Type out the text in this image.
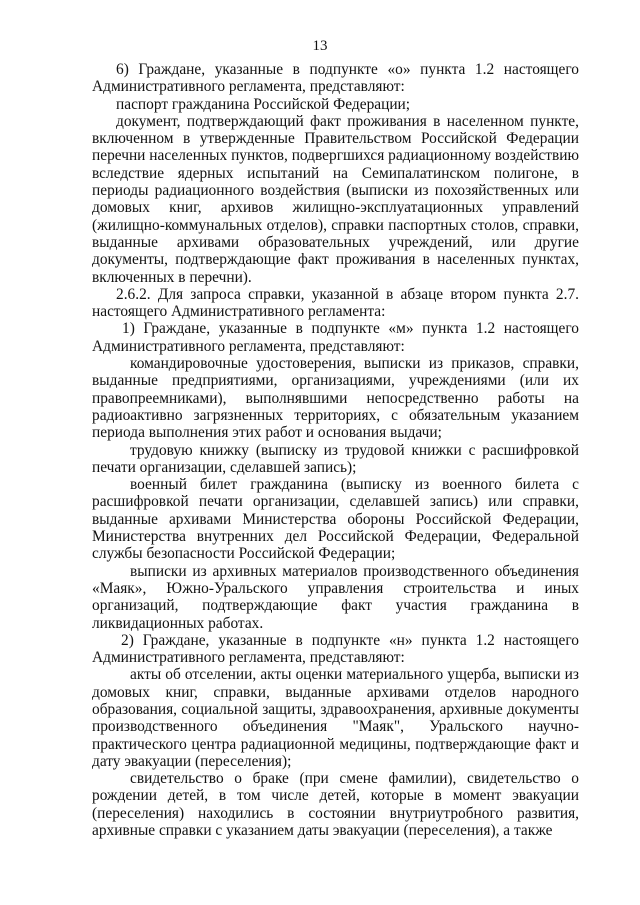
13

6) Граждане, указанные в подпункте «о» пункта 1.2 настоящего Административного регламента, представляют:

паспорт гражданина Российской Федерации;

документ, подтверждающий факт проживания в населенном пункте, включенном в утвержденные Правительством Российской Федерации перечни населенных пунктов, подвергшихся радиационному воздействию вследствие ядерных испытаний на Семипалатинском полигоне, в периоды радиационного воздействия (выписки из похозяйственных или домовых книг, архивов жилищно-эксплуатационных управлений (жилищно-коммунальных отделов), справки паспортных столов, справки, выданные архивами образовательных учреждений, или другие документы, подтверждающие факт проживания в населенных пунктах, включенных в перечни).

2.6.2. Для запроса справки, указанной в абзаце втором пункта 2.7. настоящего Административного регламента:

1) Граждане, указанные в подпункте «м» пункта 1.2 настоящего Административного регламента, представляют:

командировочные удостоверения, выписки из приказов, справки, выданные предприятиями, организациями, учреждениями (или их правопреемниками), выполнявшими непосредственно работы на радиоактивно загрязненных территориях, с обязательным указанием периода выполнения этих работ и основания выдачи;

трудовую книжку (выписку из трудовой книжки с расшифровкой печати организации, сделавшей запись);

военный билет гражданина (выписку из военного билета с расшифровкой печати организации, сделавшей запись) или справки, выданные архивами Министерства обороны Российской Федерации, Министерства внутренних дел Российской Федерации, Федеральной службы безопасности Российской Федерации;

выписки из архивных материалов производственного объединения «Маяк», Южно-Уральского управления строительства и иных организаций, подтверждающие факт участия гражданина в ликвидационных работах.

2) Граждане, указанные в подпункте «н» пункта 1.2 настоящего Административного регламента, представляют:

акты об отселении, акты оценки материального ущерба, выписки из домовых книг, справки, выданные архивами отделов народного образования, социальной защиты, здравоохранения, архивные документы производственного объединения "Маяк", Уральского научно-практического центра радиационной медицины, подтверждающие факт и дату эвакуации (переселения);

свидетельство о браке (при смене фамилии), свидетельство о рождении детей, в том числе детей, которые в момент эвакуации (переселения) находились в состоянии внутриутробного развития, архивные справки с указанием даты эвакуации (переселения), а также
